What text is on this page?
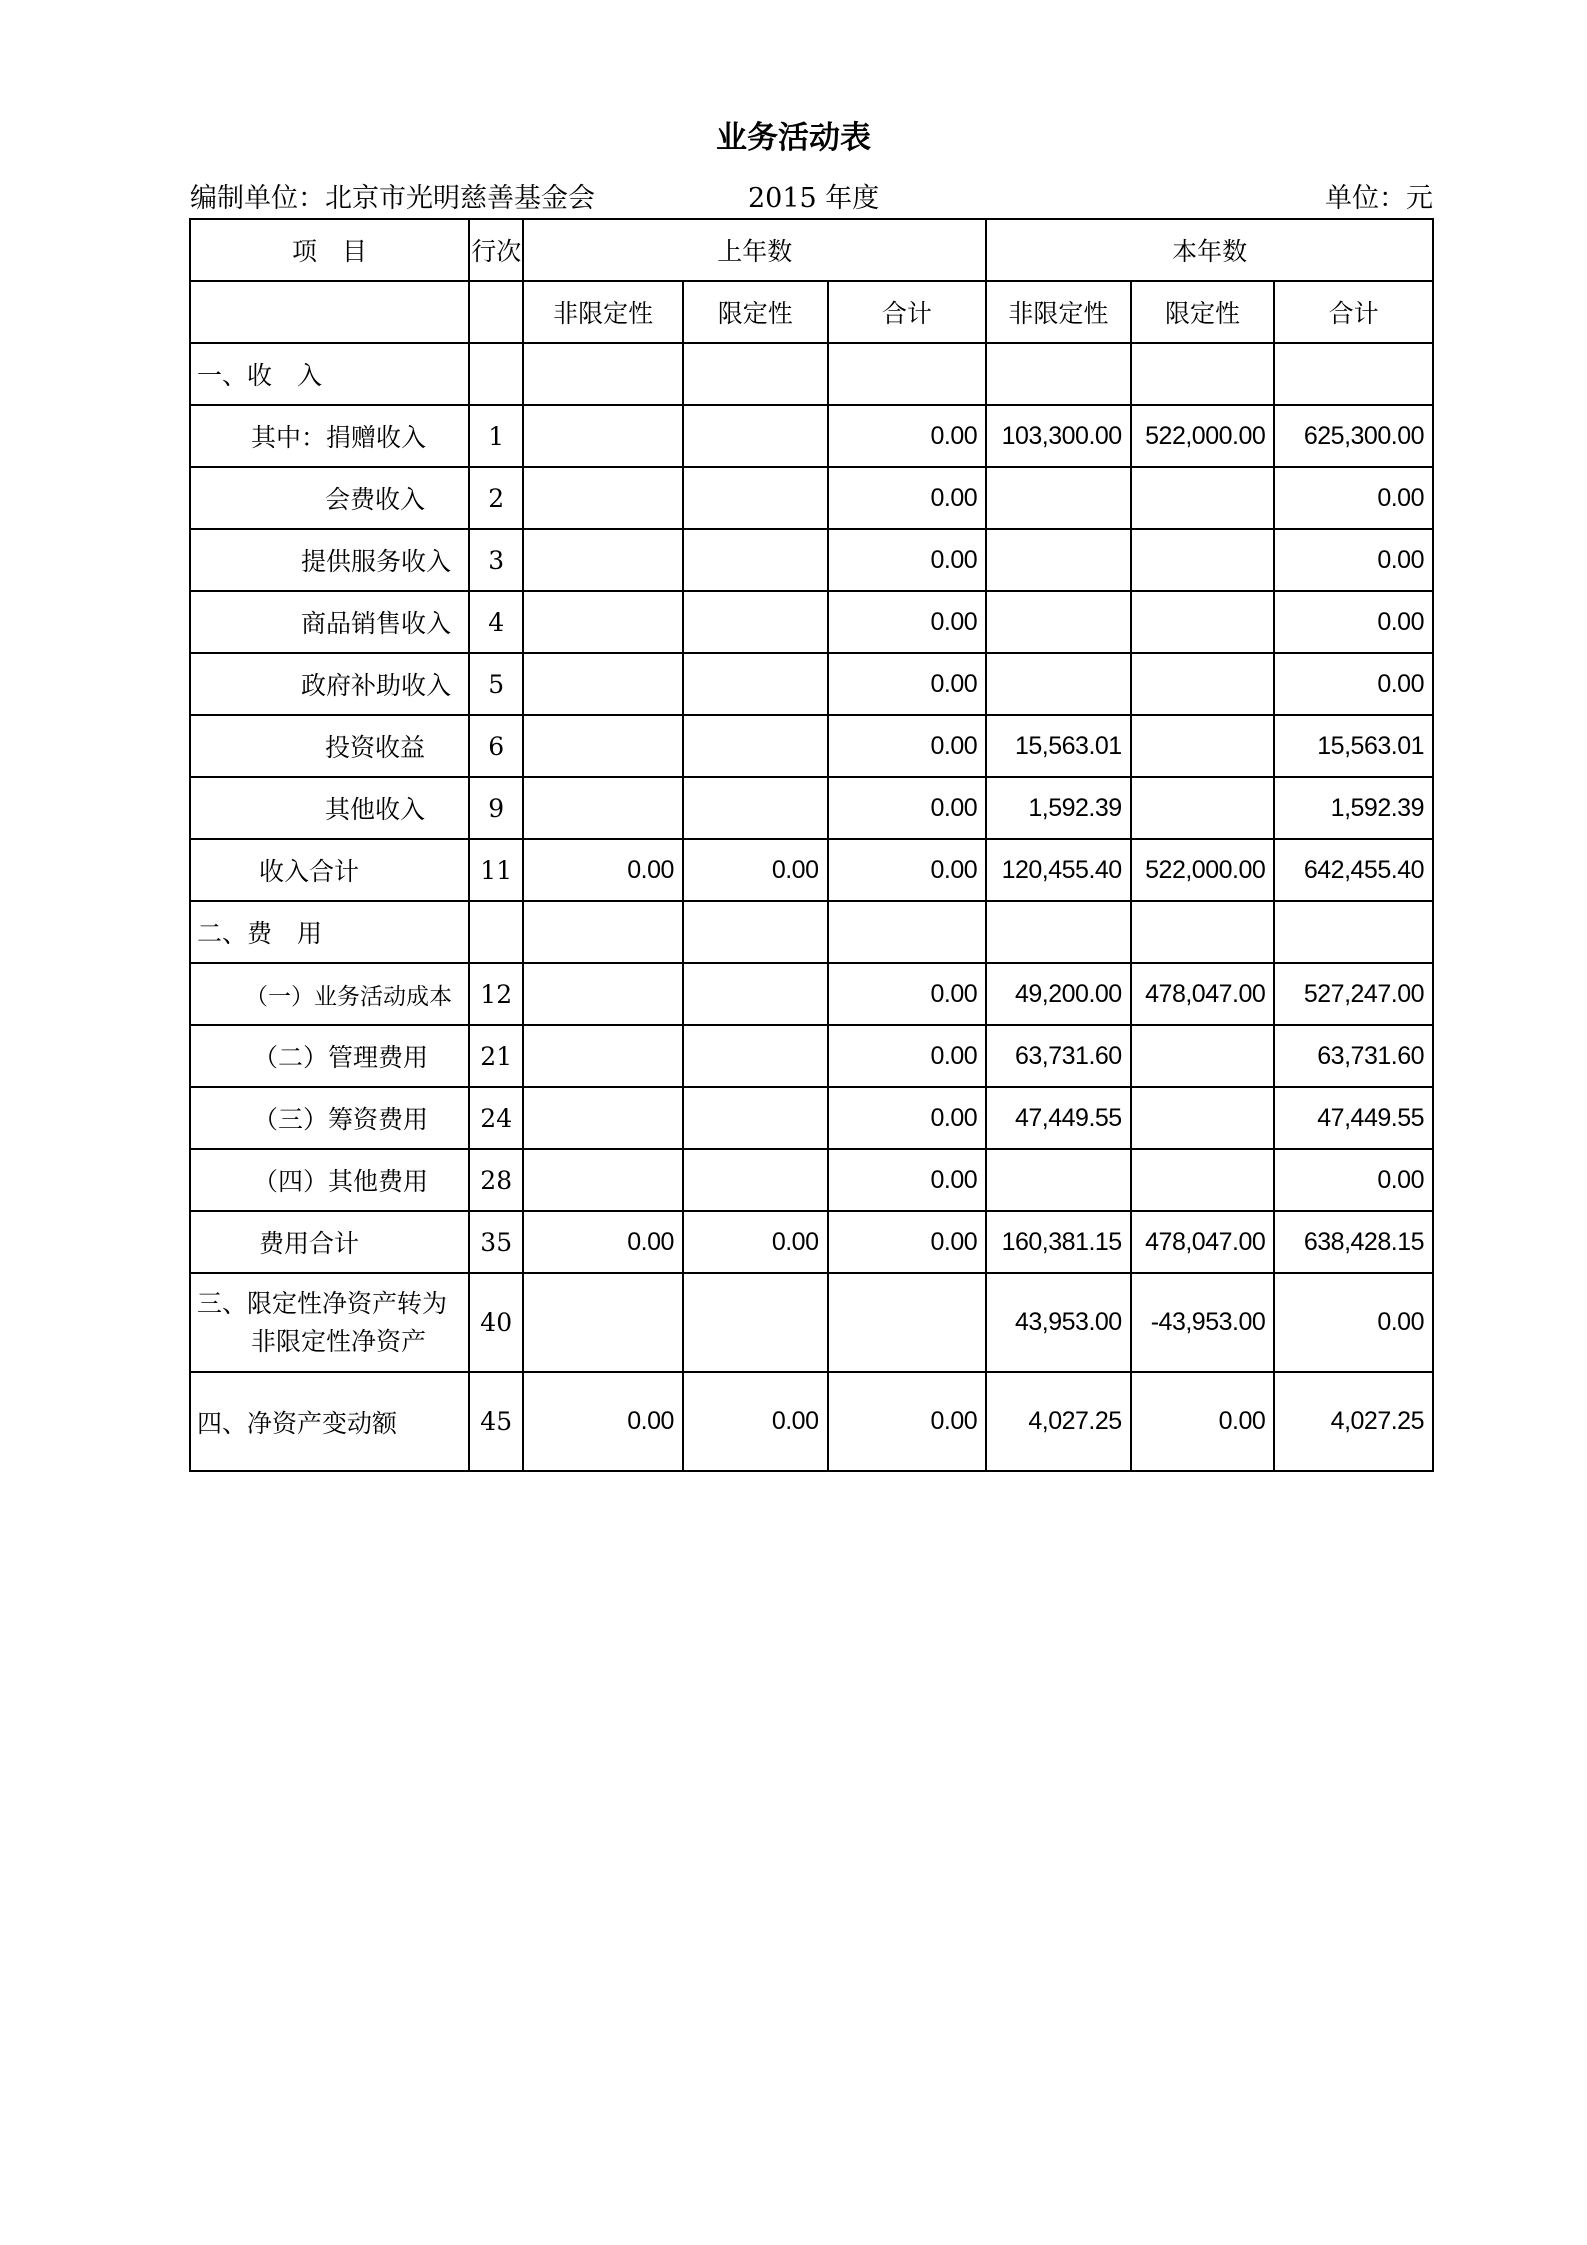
业务活动表
编制单位：北京市光明慈善基金会	2015 年度	单位：元
项　目	行次	上年数			本年数		
		非限定性	限定性	合计	非限定性	限定性	合计
一、收　入							
其中：捐赠收入	1			0.00	103,300.00	522,000.00	625,300.00
会费收入	2			0.00			0.00
提供服务收入	3			0.00			0.00
商品销售收入	4			0.00			0.00
政府补助收入	5			0.00			0.00
投资收益	6			0.00	15,563.01		15,563.01
其他收入	9			0.00	1,592.39		1,592.39
收入合计	11	0.00	0.00	0.00	120,455.40	522,000.00	642,455.40
二、费　用							
（一）业务活动成本	12			0.00	49,200.00	478,047.00	527,247.00
（二）管理费用	21			0.00	63,731.60		63,731.60
（三）筹资费用	24			0.00	47,449.55		47,449.55
（四）其他费用	28			0.00			0.00
费用合计	35	0.00	0.00	0.00	160,381.15	478,047.00	638,428.15

三、限定性净资产转为
非限定性净资产	40				43,953.00	-43,953.00	0.00
四、净资产变动额	45	0.00	0.00	0.00	4,027.25	0.00	4,027.25
